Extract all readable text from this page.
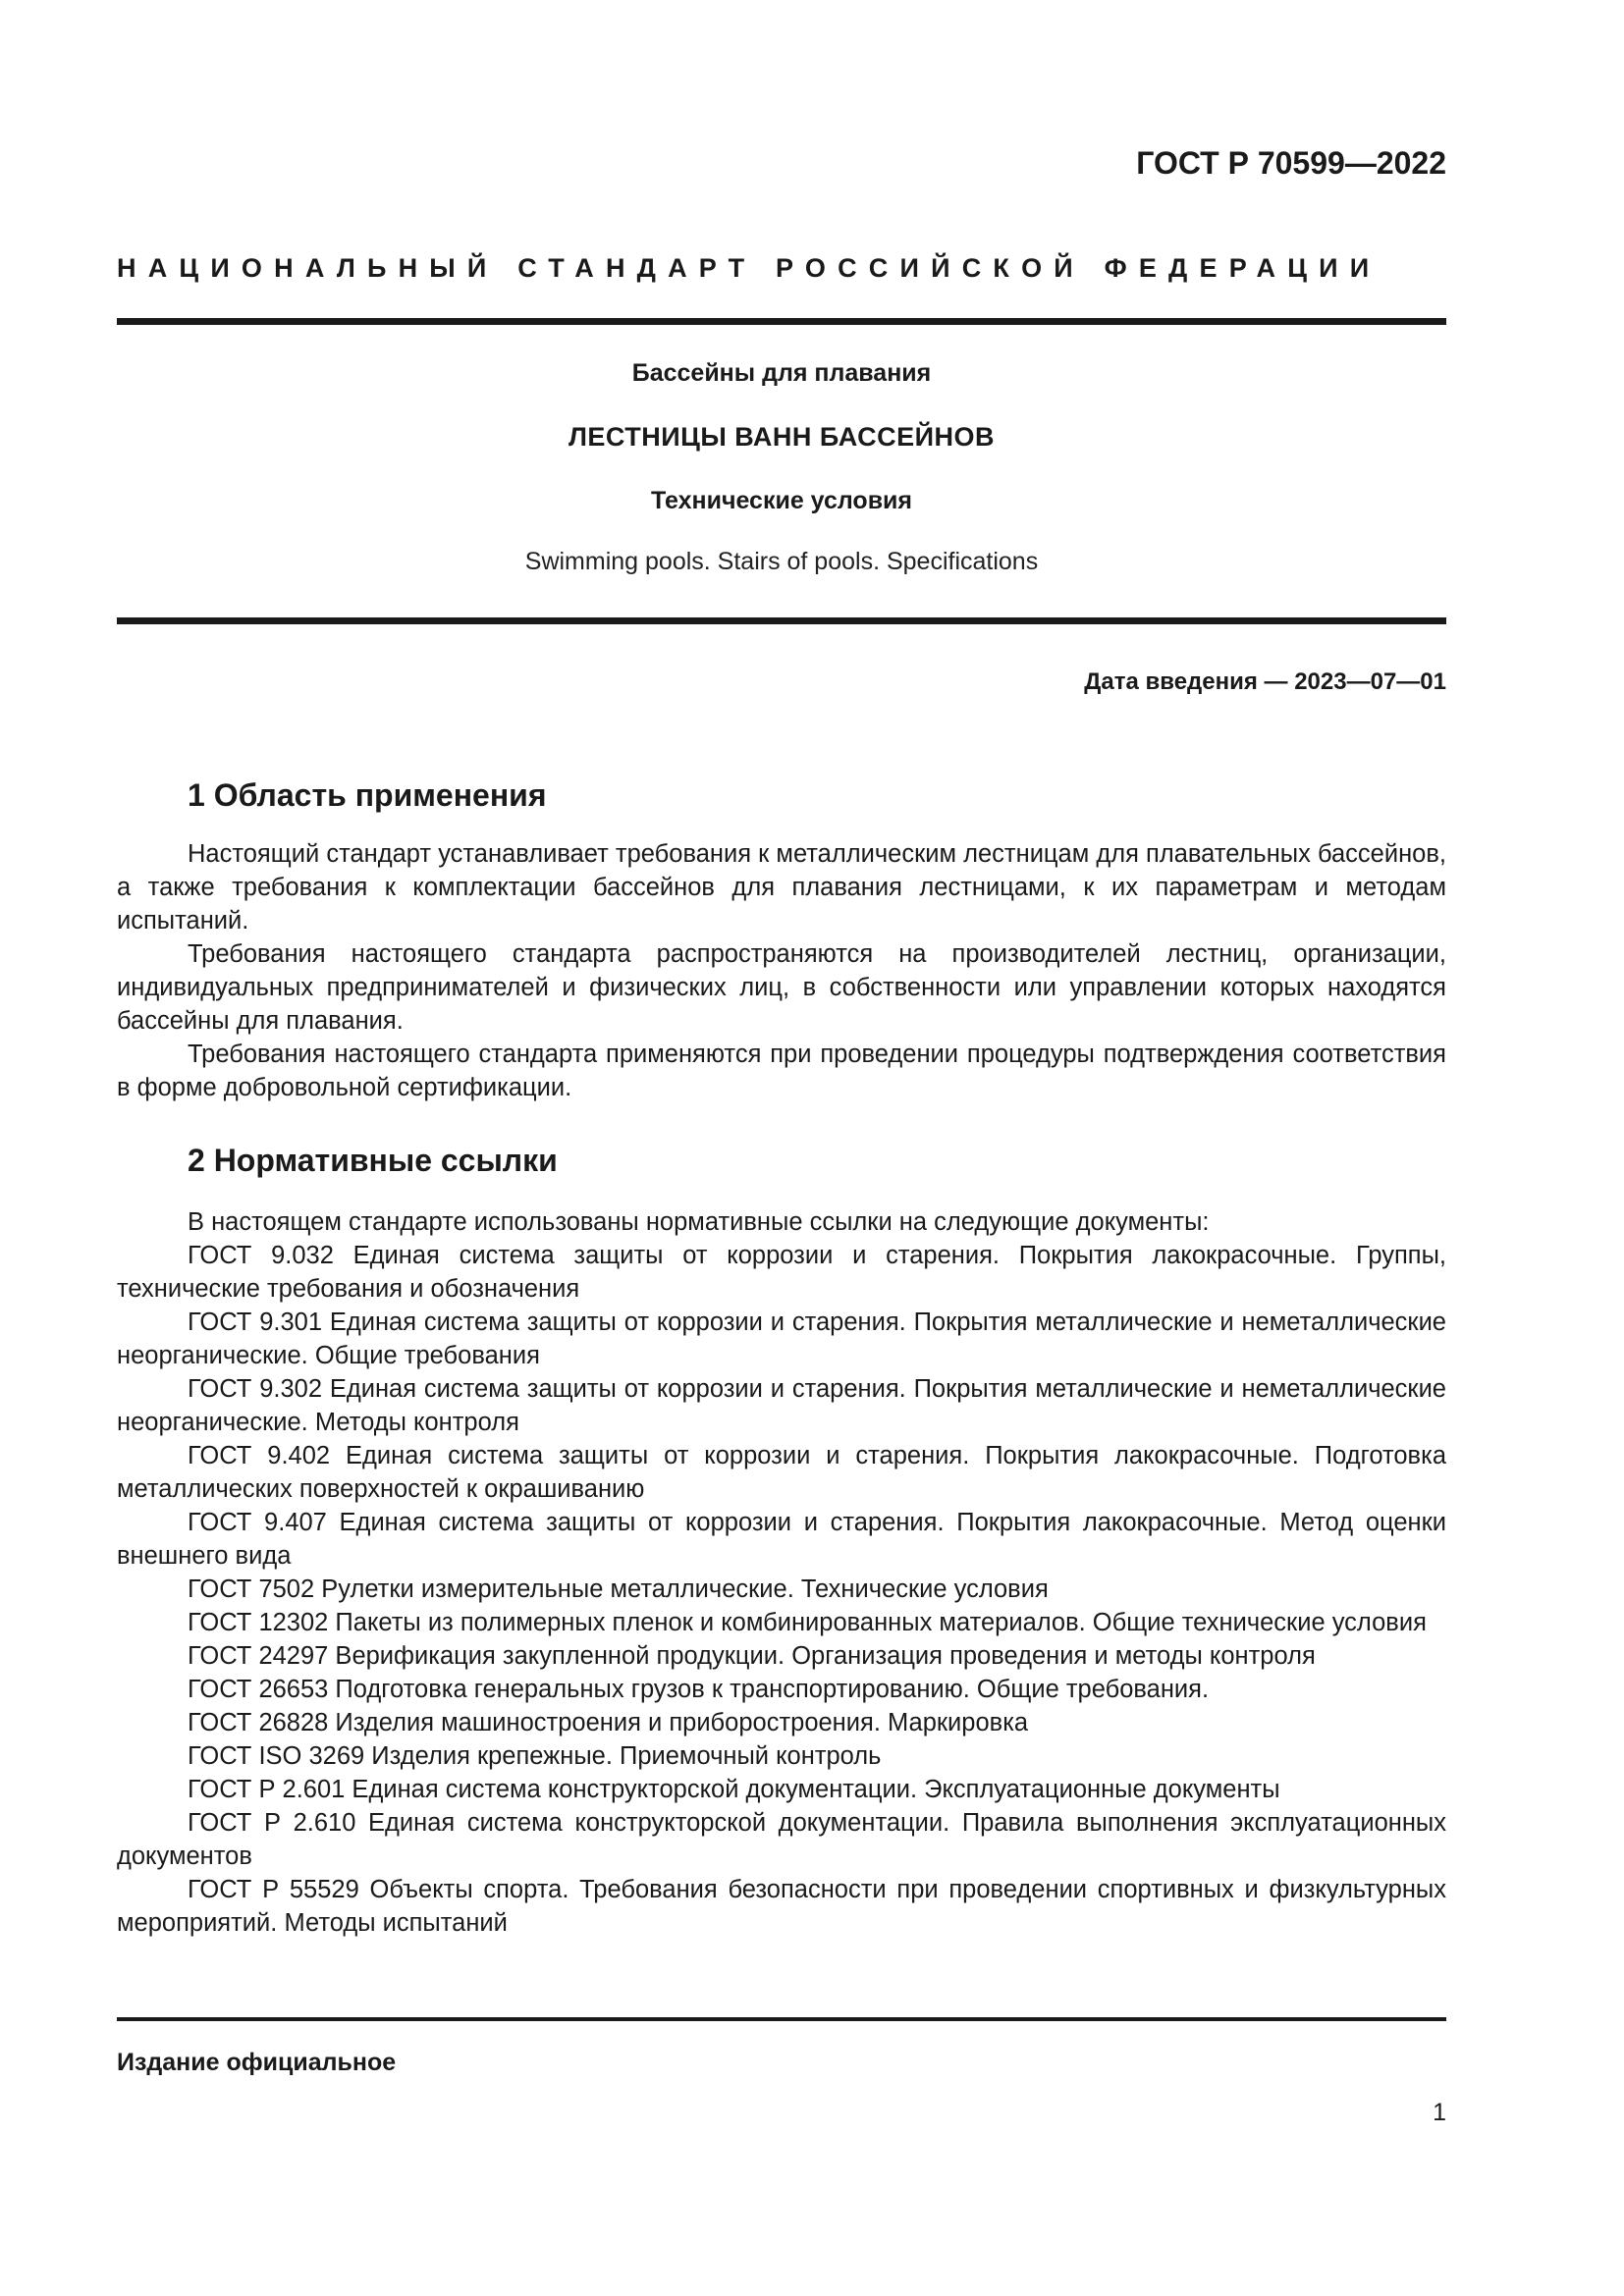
ГОСТ Р 70599—2022
НАЦИОНАЛЬНЫЙ СТАНДАРТ РОССИЙСКОЙ ФЕДЕРАЦИИ
Бассейны для плавания
ЛЕСТНИЦЫ ВАНН БАССЕЙНОВ
Технические условия
Swimming pools. Stairs of pools. Specifications
Дата введения — 2023—07—01
1 Область применения

Настоящий стандарт устанавливает требования к металлическим лестницам для плавательных бассейнов, а также требования к комплектации бассейнов для плавания лестницами, к их параметрам и методам испытаний.

Требования настоящего стандарта распространяются на производителей лестниц, организации, индивидуальных предпринимателей и физических лиц, в собственности или управлении которых находятся бассейны для плавания.

Требования настоящего стандарта применяются при проведении процедуры подтверждения соответствия в форме добровольной сертификации.

2 Нормативные ссылки

В настоящем стандарте использованы нормативные ссылки на следующие документы:

ГОСТ 9.032 Единая система защиты от коррозии и старения. Покрытия лакокрасочные. Группы, технические требования и обозначения

ГОСТ 9.301 Единая система защиты от коррозии и старения. Покрытия металлические и неметаллические неорганические. Общие требования

ГОСТ 9.302 Единая система защиты от коррозии и старения. Покрытия металлические и неметаллические неорганические. Методы контроля

ГОСТ 9.402 Единая система защиты от коррозии и старения. Покрытия лакокрасочные. Подготовка металлических поверхностей к окрашиванию

ГОСТ 9.407 Единая система защиты от коррозии и старения. Покрытия лакокрасочные. Метод оценки внешнего вида

ГОСТ 7502 Рулетки измерительные металлические. Технические условия

ГОСТ 12302 Пакеты из полимерных пленок и комбинированных материалов. Общие технические условия

ГОСТ 24297 Верификация закупленной продукции. Организация проведения и методы контроля

ГОСТ 26653 Подготовка генеральных грузов к транспортированию. Общие требования.

ГОСТ 26828 Изделия машиностроения и приборостроения. Маркировка

ГОСТ ISO 3269 Изделия крепежные. Приемочный контроль

ГОСТ Р 2.601 Единая система конструкторской документации. Эксплуатационные документы

ГОСТ Р 2.610 Единая система конструкторской документации. Правила выполнения эксплуатационных документов

ГОСТ Р 55529 Объекты спорта. Требования безопасности при проведении спортивных и физкультурных мероприятий. Методы испытаний

Издание официальное
1
